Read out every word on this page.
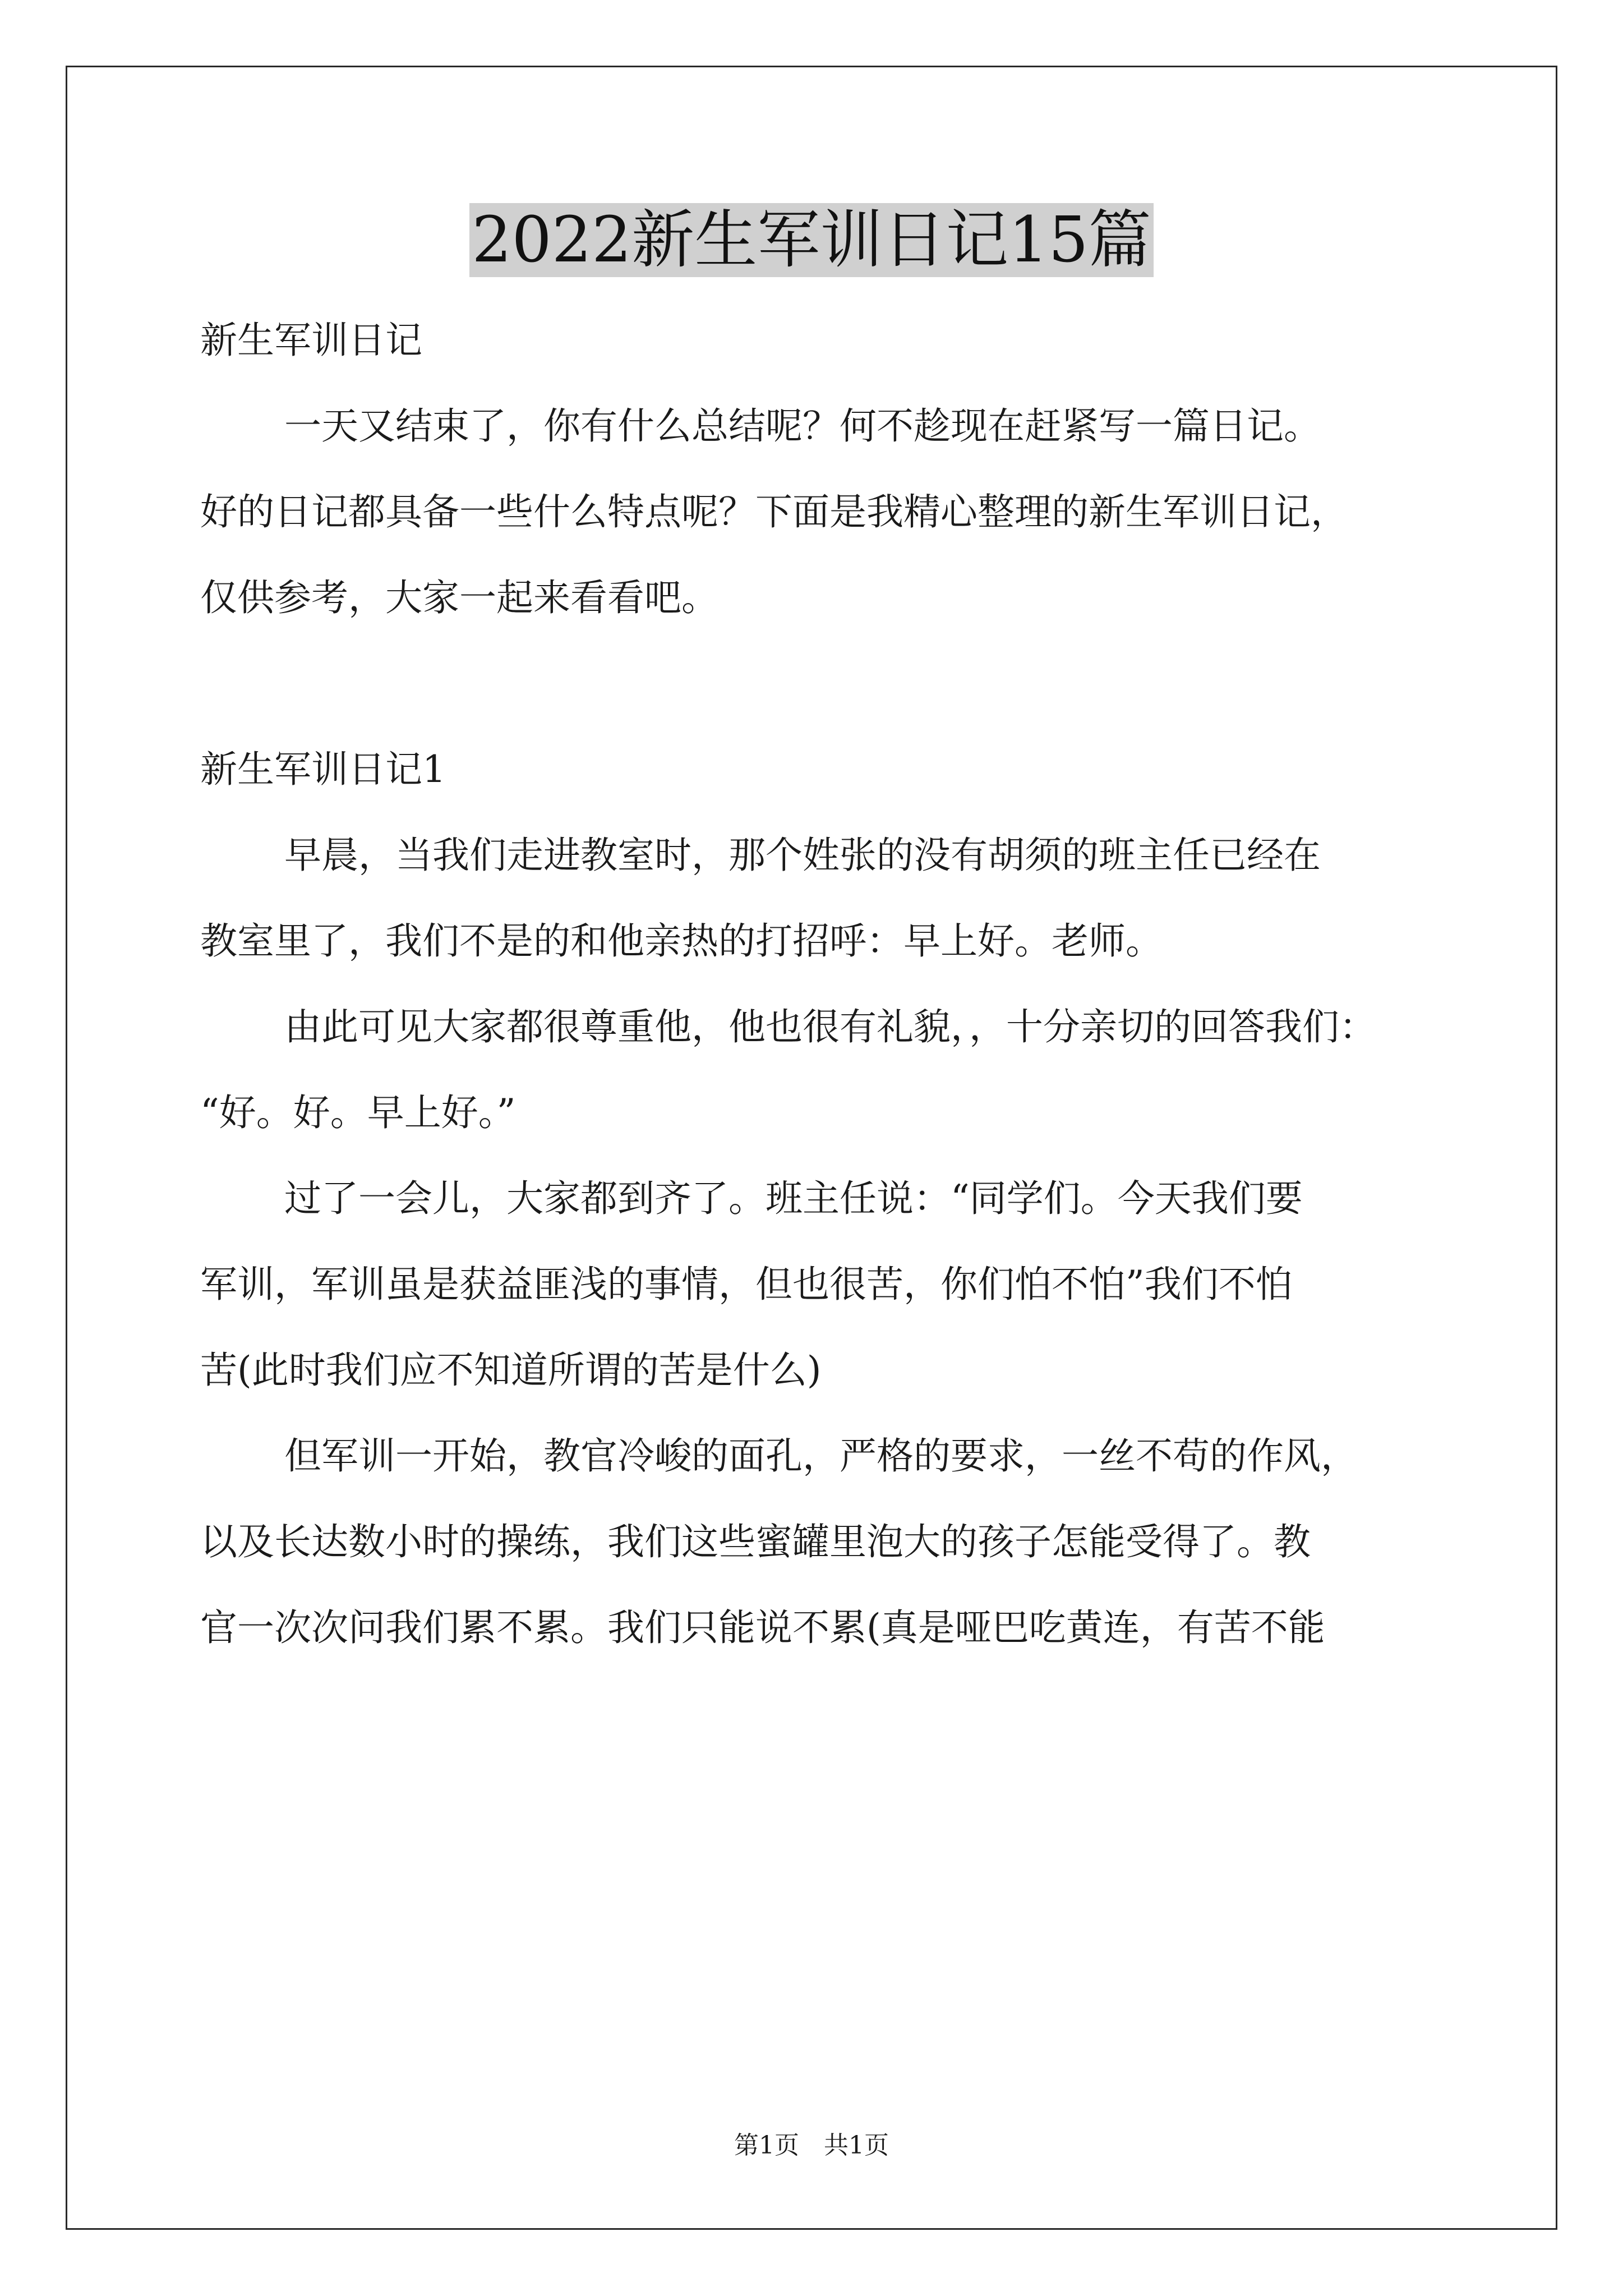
2022新生军训日记15篇

新生军训日记

一天又结束了，你有什么总结呢？何不趁现在赶紧写一篇日记。

好的日记都具备一些什么特点呢？下面是我精心整理的新生军训日记，

仅供参考，大家一起来看看吧。

新生军训日记1

早晨，当我们走进教室时，那个姓张的没有胡须的班主任已经在

教室里了，我们不是的和他亲热的打招呼：早上好。老师。

由此可见大家都很尊重他，他也很有礼貌，，十分亲切的回答我们：

“好。好。早上好。”

过了一会儿，大家都到齐了。班主任说：“同学们。今天我们要

军训，军训虽是获益匪浅的事情，但也很苦，你们怕不怕”我们不怕

苦(此时我们应不知道所谓的苦是什么)

但军训一开始，教官冷峻的面孔，严格的要求，一丝不苟的作风，

以及长达数小时的操练，我们这些蜜罐里泡大的孩子怎能受得了。教

官一次次问我们累不累。我们只能说不累(真是哑巴吃黄连，有苦不能

第1页　共1页
